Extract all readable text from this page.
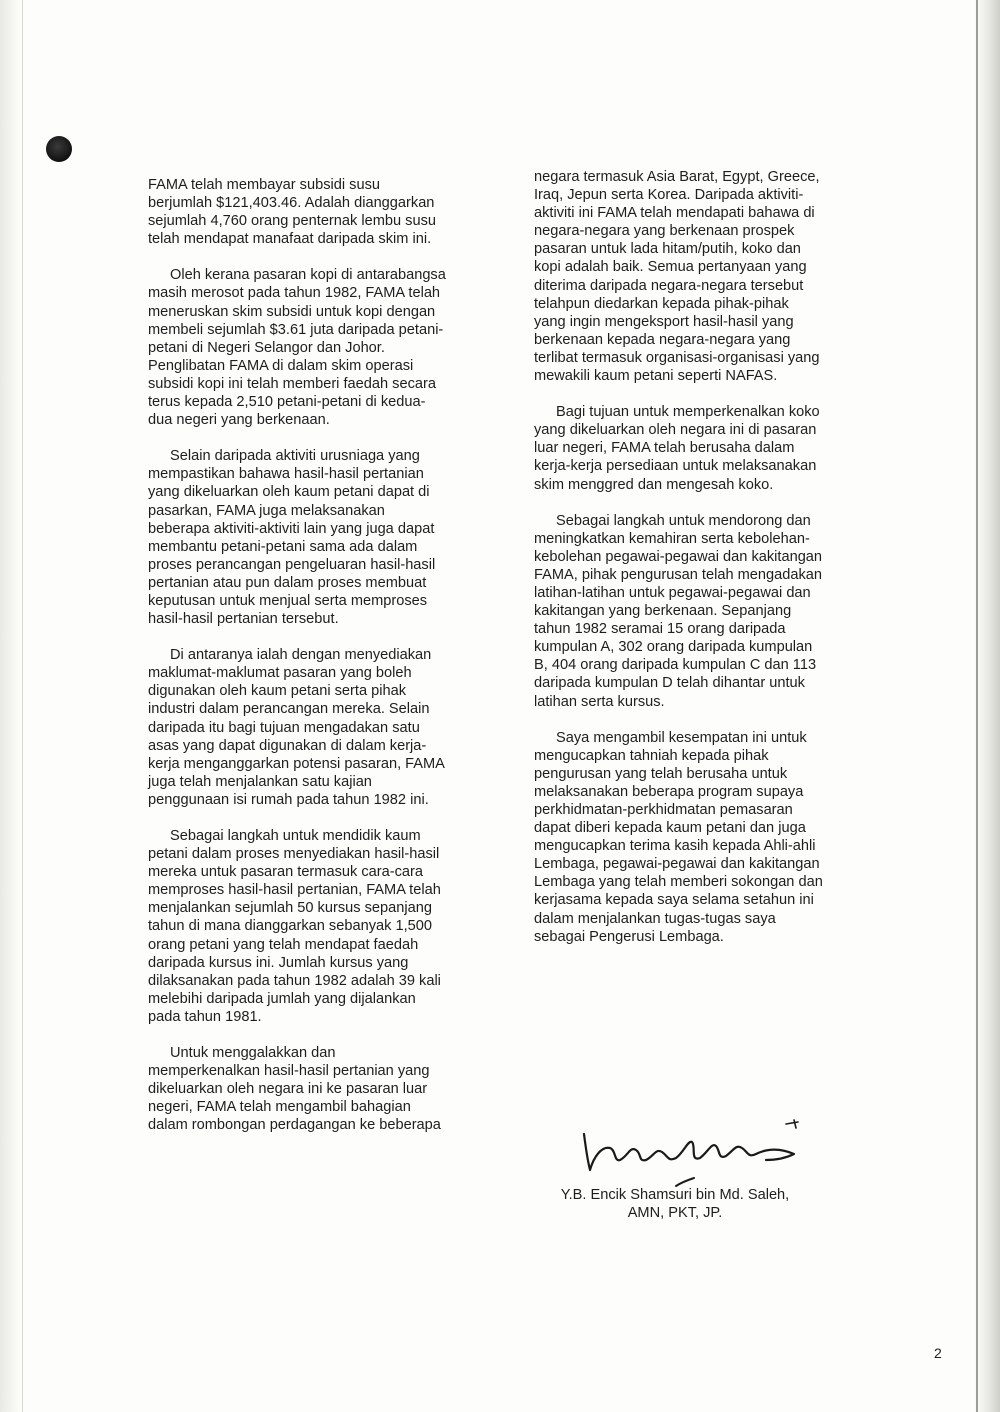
FAMA telah membayar subsidi susu berjumlah $121,403.46. Adalah dianggarkan sejumlah 4,760 orang penternak lembu susu telah mendapat manafaat daripada skim ini.

Oleh kerana pasaran kopi di antarabangsa masih merosot pada tahun 1982, FAMA telah meneruskan skim subsidi untuk kopi dengan membeli sejumlah $3.61 juta daripada petani-petani di Negeri Selangor dan Johor. Penglibatan FAMA di dalam skim operasi subsidi kopi ini telah memberi faedah secara terus kepada 2,510 petani-petani di kedua-dua negeri yang berkenaan.

Selain daripada aktiviti urusniaga yang mempastikan bahawa hasil-hasil pertanian yang dikeluarkan oleh kaum petani dapat di pasarkan, FAMA juga melaksanakan beberapa aktiviti-aktiviti lain yang juga dapat membantu petani-petani sama ada dalam proses perancangan pengeluaran hasil-hasil pertanian atau pun dalam proses membuat keputusan untuk menjual serta memproses hasil-hasil pertanian tersebut.

Di antaranya ialah dengan menyediakan maklumat-maklumat pasaran yang boleh digunakan oleh kaum petani serta pihak industri dalam perancangan mereka. Selain daripada itu bagi tujuan mengadakan satu asas yang dapat digunakan di dalam kerja-kerja menganggarkan potensi pasaran, FAMA juga telah menjalankan satu kajian penggunaan isi rumah pada tahun 1982 ini.

Sebagai langkah untuk mendidik kaum petani dalam proses menyediakan hasil-hasil mereka untuk pasaran termasuk cara-cara memproses hasil-hasil pertanian, FAMA telah menjalankan sejumlah 50 kursus sepanjang tahun di mana dianggarkan sebanyak 1,500 orang petani yang telah mendapat faedah daripada kursus ini. Jumlah kursus yang dilaksanakan pada tahun 1982 adalah 39 kali melebihi daripada jumlah yang dijalankan pada tahun 1981.

Untuk menggalakkan dan memperkenalkan hasil-hasil pertanian yang dikeluarkan oleh negara ini ke pasaran luar negeri, FAMA telah mengambil bahagian dalam rombongan perdagangan ke beberapa

negara termasuk Asia Barat, Egypt, Greece, Iraq, Jepun serta Korea. Daripada aktiviti-aktiviti ini FAMA telah mendapati bahawa di negara-negara yang berkenaan prospek pasaran untuk lada hitam/putih, koko dan kopi adalah baik. Semua pertanyaan yang diterima daripada negara-negara tersebut telahpun diedarkan kepada pihak-pihak yang ingin mengeksport hasil-hasil yang berkenaan kepada negara-negara yang terlibat termasuk organisasi-organisasi yang mewakili kaum petani seperti NAFAS.

Bagi tujuan untuk memperkenalkan koko yang dikeluarkan oleh negara ini di pasaran luar negeri, FAMA telah berusaha dalam kerja-kerja persediaan untuk melaksanakan skim menggred dan mengesah koko.

Sebagai langkah untuk mendorong dan meningkatkan kemahiran serta kebolehan-kebolehan pegawai-pegawai dan kakitangan FAMA, pihak pengurusan telah mengadakan latihan-latihan untuk pegawai-pegawai dan kakitangan yang berkenaan. Sepanjang tahun 1982 seramai 15 orang daripada kumpulan A, 302 orang daripada kumpulan B, 404 orang daripada kumpulan C dan 113 daripada kumpulan D telah dihantar untuk latihan serta kursus.

Saya mengambil kesempatan ini untuk mengucapkan tahniah kepada pihak pengurusan yang telah berusaha untuk melaksanakan beberapa program supaya perkhidmatan-perkhidmatan pemasaran dapat diberi kepada kaum petani dan juga mengucapkan terima kasih kepada Ahli-ahli Lembaga, pegawai-pegawai dan kakitangan Lembaga yang telah memberi sokongan dan kerjasama kepada saya selama setahun ini dalam menjalankan tugas-tugas saya sebagai Pengerusi Lembaga.

Y.B. Encik Shamsuri bin Md. Saleh,
AMN, PKT, JP.
2
